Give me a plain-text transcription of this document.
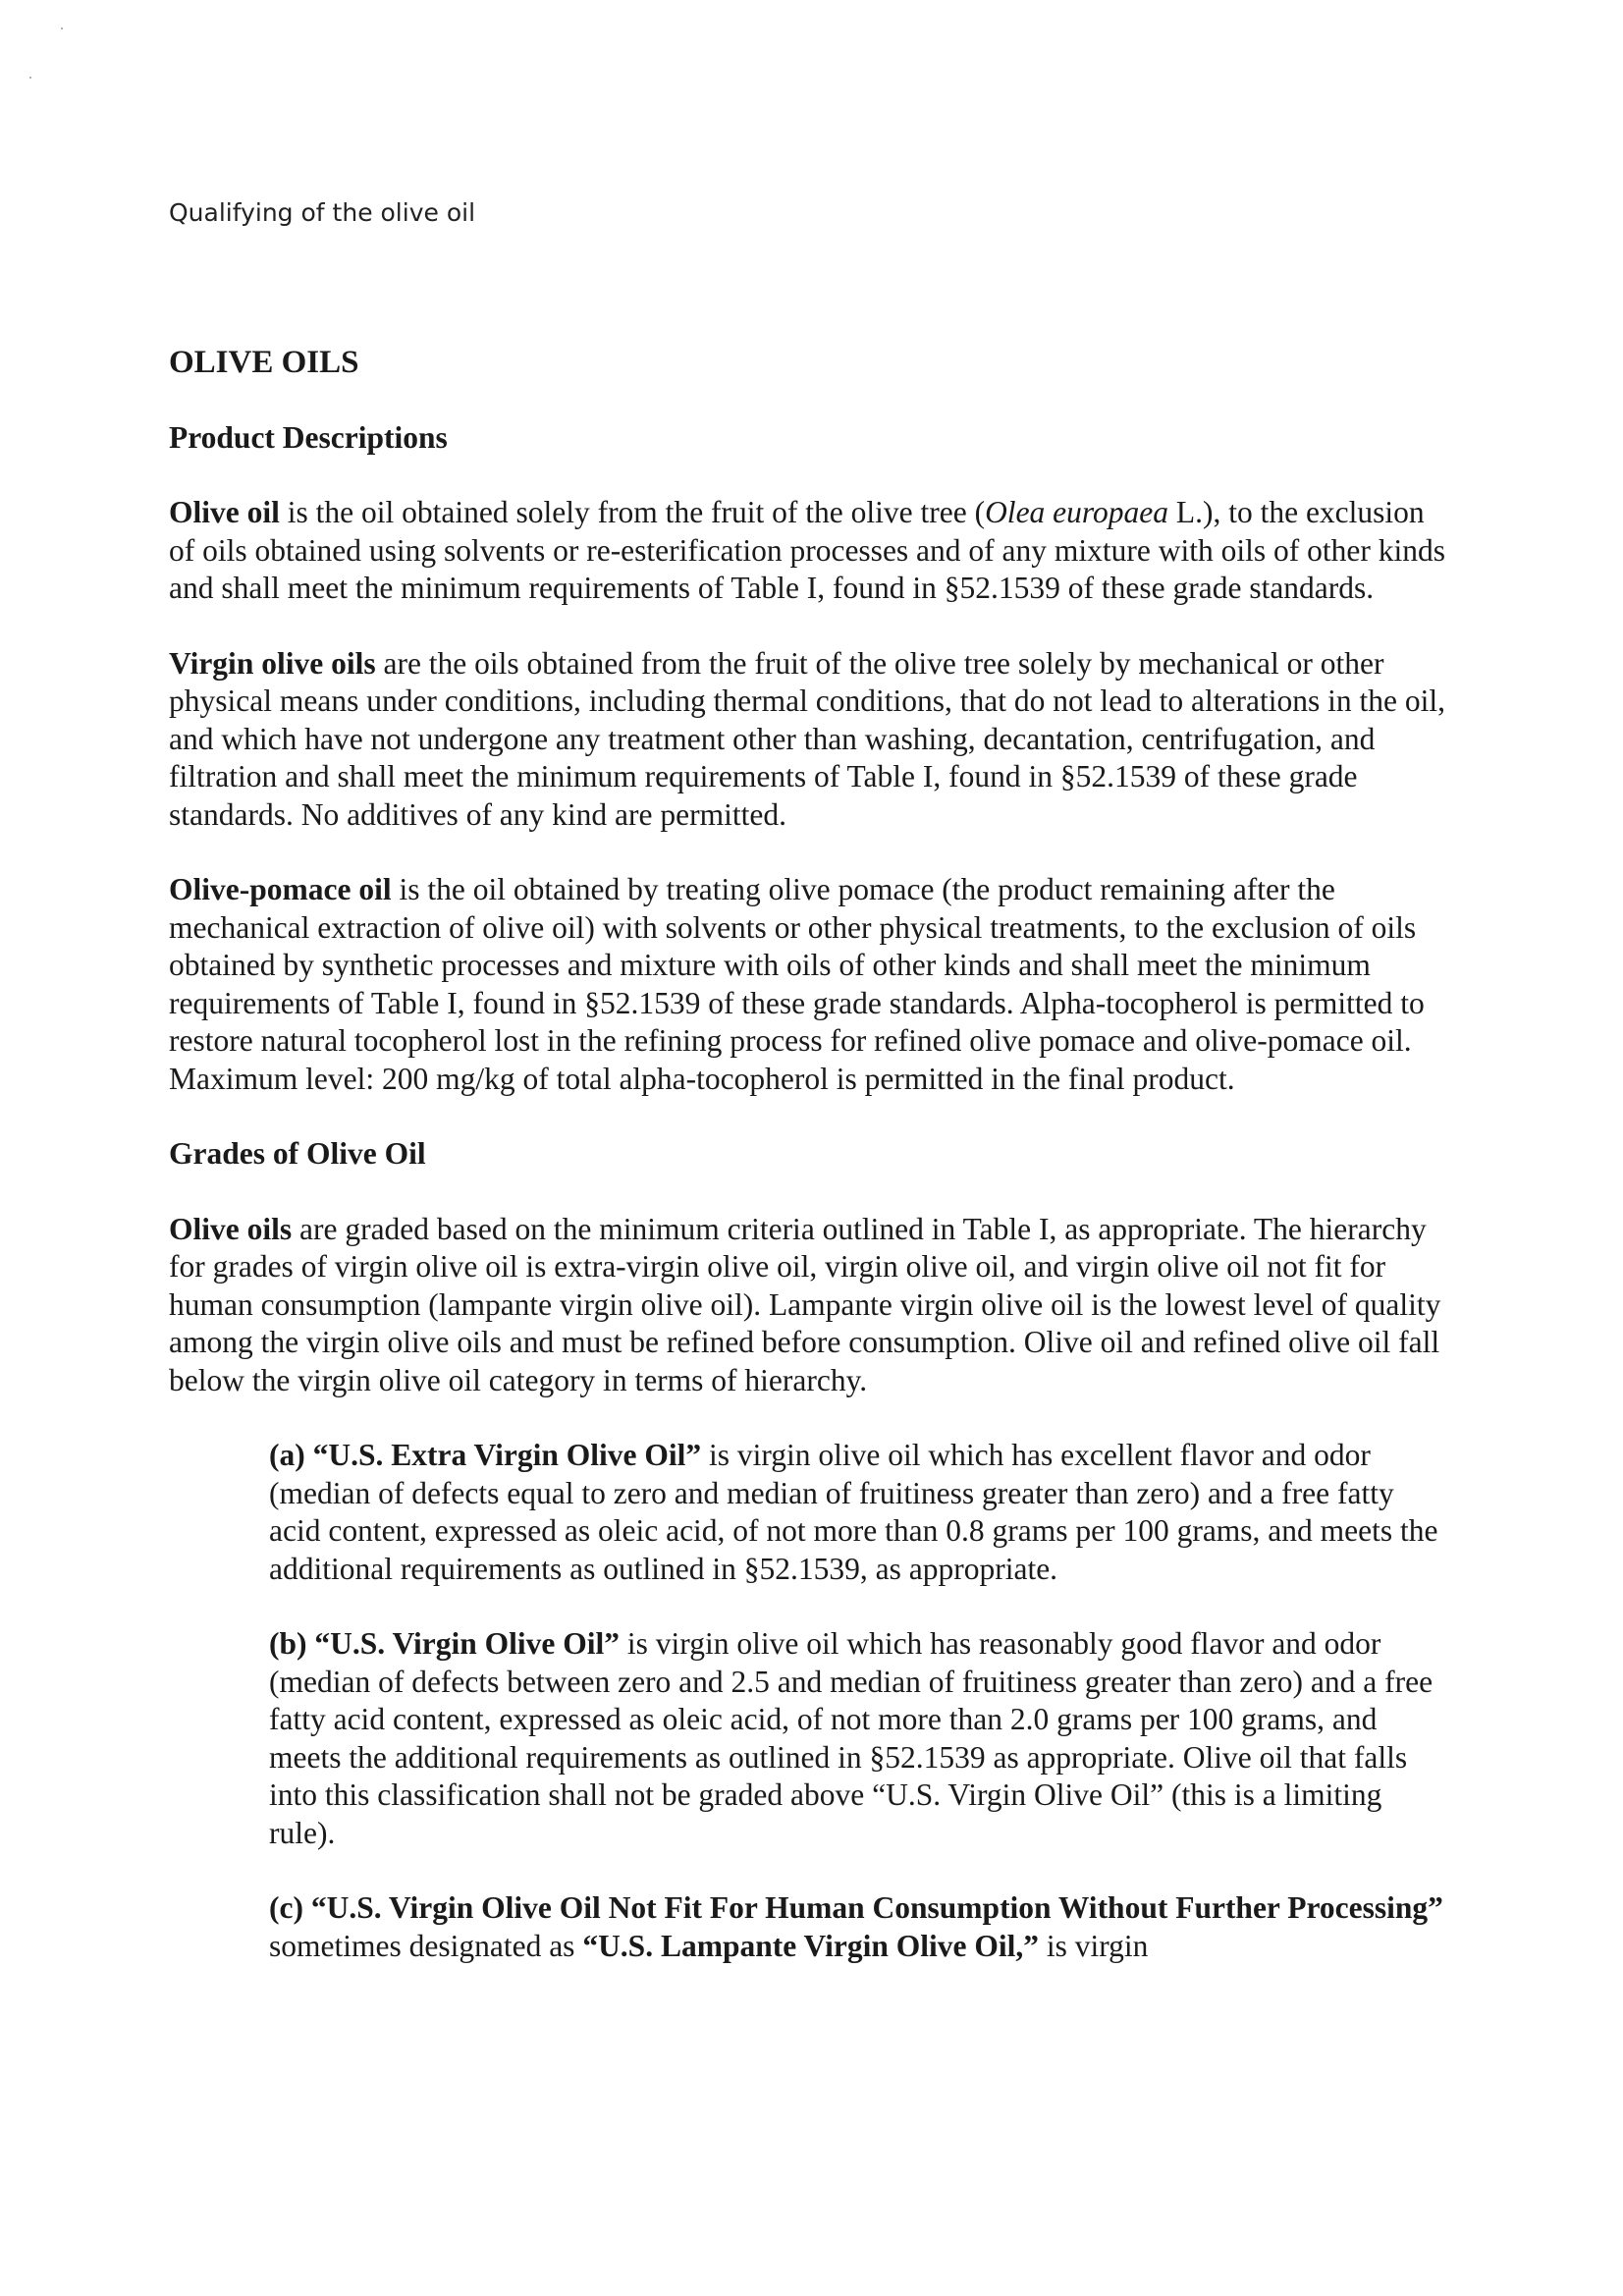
Qualifying of the olive oil
OLIVE OILS
Product Descriptions

Olive oil is the oil obtained solely from the fruit of the olive tree (Olea europaea L.), to the exclusion of oils obtained using solvents or re-esterification processes and of any mixture with oils of other kinds and shall meet the minimum requirements of Table I, found in §52.1539 of these grade standards.

Virgin olive oils are the oils obtained from the fruit of the olive tree solely by mechanical or other physical means under conditions, including thermal conditions, that do not lead to alterations in the oil, and which have not undergone any treatment other than washing, decantation, centrifugation, and filtration and shall meet the minimum requirements of Table I, found in §52.1539 of these grade standards. No additives of any kind are permitted.

Olive-pomace oil is the oil obtained by treating olive pomace (the product remaining after the mechanical extraction of olive oil) with solvents or other physical treatments, to the exclusion of oils obtained by synthetic processes and mixture with oils of other kinds and shall meet the minimum requirements of Table I, found in §52.1539 of these grade standards. Alpha-tocopherol is permitted to restore natural tocopherol lost in the refining process for refined olive pomace and olive-pomace oil. Maximum level: 200 mg/kg of total alpha-tocopherol is permitted in the final product.

Grades of Olive Oil

Olive oils are graded based on the minimum criteria outlined in Table I, as appropriate. The hierarchy for grades of virgin olive oil is extra-virgin olive oil, virgin olive oil, and virgin olive oil not fit for human consumption (lampante virgin olive oil). Lampante virgin olive oil is the lowest level of quality among the virgin olive oils and must be refined before consumption. Olive oil and refined olive oil fall below the virgin olive oil category in terms of hierarchy.

(a) “U.S. Extra Virgin Olive Oil” is virgin olive oil which has excellent flavor and odor (median of defects equal to zero and median of fruitiness greater than zero) and a free fatty acid content, expressed as oleic acid, of not more than 0.8 grams per 100 grams, and meets the additional requirements as outlined in §52.1539, as appropriate.

(b) “U.S. Virgin Olive Oil” is virgin olive oil which has reasonably good flavor and odor (median of defects between zero and 2.5 and median of fruitiness greater than zero) and a free fatty acid content, expressed as oleic acid, of not more than 2.0 grams per 100 grams, and meets the additional requirements as outlined in §52.1539 as appropriate. Olive oil that falls into this classification shall not be graded above “U.S. Virgin Olive Oil” (this is a limiting rule).

(c) “U.S. Virgin Olive Oil Not Fit For Human Consumption Without Further Processing” sometimes designated as “U.S. Lampante Virgin Olive Oil,” is virgin
